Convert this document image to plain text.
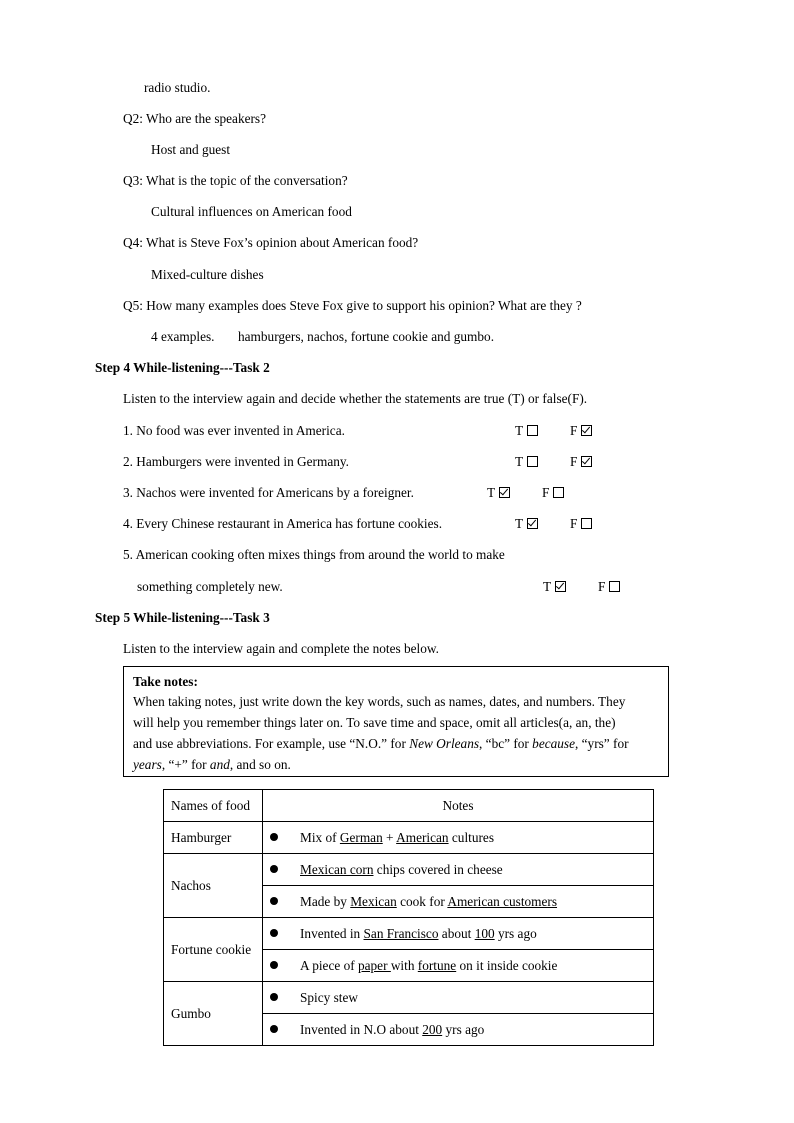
radio studio.
Q2: Who are the speakers?
Host and guest
Q3: What is the topic of the conversation?
Cultural influences on American food
Q4: What is Steve Fox’s opinion about American food?
Mixed-culture dishes
Q5: How many examples does Steve Fox give to support his opinion? What are they ?
4 examples. hamburgers, nachos, fortune cookie and gumbo.
Step 4 While-listening---Task 2
Listen to the interview again and decide whether the statements are true (T) or false(F).
1. No food was ever invented in America.	T	F
2. Hamburgers were invented in Germany.	T	F
3. Nachos were invented for Americans by a foreigner.	T	F
4. Every Chinese restaurant in America has fortune cookies.	T	F
5. American cooking often mixes things from around the world to make
something completely new.	T	F
Step 5 While-listening---Task 3
Listen to the interview again and complete the notes below.
Take notes:
When taking notes, just write down the key words, such as names, dates, and numbers. They
will help you remember things later on. To save time and space, omit all articles(a, an, the)
and use abbreviations. For example, use “N.O.” for New Orleans, “bc” for because, “yrs” for
years, “+” for and, and so on.
Names of food	Notes
Hamburger	Mix of German + American cultures
Nachos	Mexican corn chips covered in cheese
	Made by Mexican cook for American customers
Fortune cookie	Invented in San Francisco about 100 yrs ago
	A piece of paper with fortune on it inside cookie
Gumbo	Spicy stew
	Invented in N.O about 200 yrs ago
